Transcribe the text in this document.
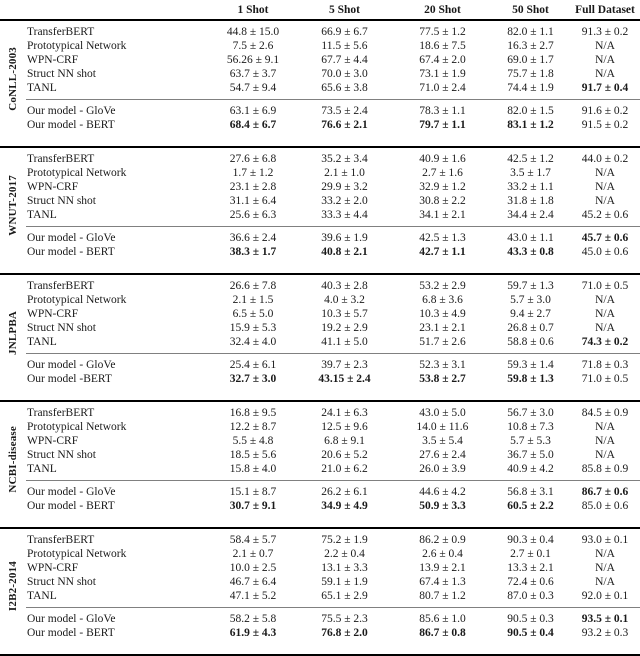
1 Shot	5 Shot	20 Shot	50 Shot	Full Dataset
CoNLL-2003
TransferBERT	44.8 ± 15.0	66.9 ± 6.7	77.5 ± 1.2	82.0 ± 1.1	91.3 ± 0.2
Prototypical Network	7.5 ± 2.6	11.5 ± 5.6	18.6 ± 7.5	16.3 ± 2.7	N/A
WPN-CRF	56.26 ± 9.1	67.7 ± 4.4	67.4 ± 2.0	69.0 ± 1.7	N/A
Struct NN shot	63.7 ± 3.7	70.0 ± 3.0	73.1 ± 1.9	75.7 ± 1.8	N/A
TANL	54.7 ± 9.4	65.6 ± 3.8	71.0 ± 2.4	74.4 ± 1.9	91.7 ± 0.4
Our model - GloVe	63.1 ± 6.9	73.5 ± 2.4	78.3 ± 1.1	82.0 ± 1.5	91.6 ± 0.2
Our model - BERT	68.4 ± 6.7	76.6 ± 2.1	79.7 ± 1.1	83.1 ± 1.2	91.5 ± 0.2
WNUT-2017
TransferBERT	27.6 ± 6.8	35.2 ± 3.4	40.9 ± 1.6	42.5 ± 1.2	44.0 ± 0.2
Prototypical Network	1.7 ± 1.2	2.1 ± 1.0	2.7 ± 1.6	3.5 ± 1.7	N/A
WPN-CRF	23.1 ± 2.8	29.9 ± 3.2	32.9 ± 1.2	33.2 ± 1.1	N/A
Struct NN shot	31.1 ± 6.4	33.2 ± 2.0	30.8 ± 2.2	31.8 ± 1.8	N/A
TANL	25.6 ± 6.3	33.3 ± 4.4	34.1 ± 2.1	34.4 ± 2.4	45.2 ± 0.6
Our model - GloVe	36.6 ± 2.4	39.6 ± 1.9	42.5 ± 1.3	43.0 ± 1.1	45.7 ± 0.6
Our model - BERT	38.3 ± 1.7	40.8 ± 2.1	42.7 ± 1.1	43.3 ± 0.8	45.0 ± 0.6
JNLPBA
TransferBERT	26.6 ± 7.8	40.3 ± 2.8	53.2 ± 2.9	59.7 ± 1.3	71.0 ± 0.5
Prototypical Network	2.1 ± 1.5	4.0 ± 3.2	6.8 ± 3.6	5.7 ± 3.0	N/A
WPN-CRF	6.5 ± 5.0	10.3 ± 5.7	10.3 ± 4.9	9.4 ± 2.7	N/A
Struct NN shot	15.9 ± 5.3	19.2 ± 2.9	23.1 ± 2.1	26.8 ± 0.7	N/A
TANL	32.4 ± 4.0	41.1 ± 5.0	51.7 ± 2.6	58.8 ± 0.6	74.3 ± 0.2
Our model - GloVe	25.4 ± 6.1	39.7 ± 2.3	52.3 ± 3.1	59.3 ± 1.4	71.8 ± 0.3
Our model -BERT	32.7 ± 3.0	43.15 ± 2.4	53.8 ± 2.7	59.8 ± 1.3	71.0 ± 0.5
NCBI-disease
TransferBERT	16.8 ± 9.5	24.1 ± 6.3	43.0 ± 5.0	56.7 ± 3.0	84.5 ± 0.9
Prototypical Network	12.2 ± 8.7	12.5 ± 9.6	14.0 ± 11.6	10.8 ± 7.3	N/A
WPN-CRF	5.5 ± 4.8	6.8 ± 9.1	3.5 ± 5.4	5.7 ± 5.3	N/A
Struct NN shot	18.5 ± 5.6	20.6 ± 5.2	27.6 ± 2.4	36.7 ± 5.0	N/A
TANL	15.8 ± 4.0	21.0 ± 6.2	26.0 ± 3.9	40.9 ± 4.2	85.8 ± 0.9
Our model - GloVe	15.1 ± 8.7	26.2 ± 6.1	44.6 ± 4.2	56.8 ± 3.1	86.7 ± 0.6
Our model - BERT	30.7 ± 9.1	34.9 ± 4.9	50.9 ± 3.3	60.5 ± 2.2	85.0 ± 0.6
I2B2-2014
TransferBERT	58.4 ± 5.7	75.2 ± 1.9	86.2 ± 0.9	90.3 ± 0.4	93.0 ± 0.1
Prototypical Network	2.1 ± 0.7	2.2 ± 0.4	2.6 ± 0.4	2.7 ± 0.1	N/A
WPN-CRF	10.0 ± 2.5	13.1 ± 3.3	13.9 ± 2.1	13.3 ± 2.1	N/A
Struct NN shot	46.7 ± 6.4	59.1 ± 1.9	67.4 ± 1.3	72.4 ± 0.6	N/A
TANL	47.1 ± 5.2	65.1 ± 2.9	80.7 ± 1.2	87.0 ± 0.3	92.0 ± 0.1
Our model - GloVe	58.2 ± 5.8	75.5 ± 2.3	85.6 ± 1.0	90.5 ± 0.3	93.5 ± 0.1
Our model - BERT	61.9 ± 4.3	76.8 ± 2.0	86.7 ± 0.8	90.5 ± 0.4	93.2 ± 0.3
